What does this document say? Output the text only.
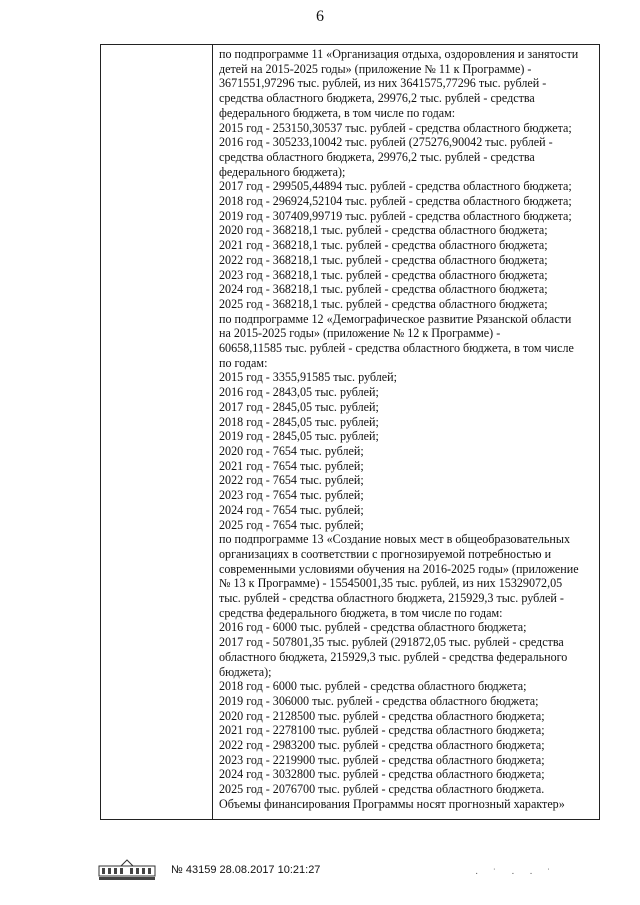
6
по подпрограмме 11 «Организация отдыха, оздоровления и занятости
детей на 2015-2025 годы» (приложение № 11 к Программе) -
3671551,97296 тыс. рублей, из них 3641575,77296 тыс. рублей -
средства областного бюджета, 29976,2 тыс. рублей - средства
федерального бюджета, в том числе по годам:
2015 год - 253150,30537 тыс. рублей - средства областного бюджета;
2016 год - 305233,10042 тыс. рублей (275276,90042 тыс. рублей -
средства областного бюджета, 29976,2 тыс. рублей - средства
федерального бюджета);
2017 год - 299505,44894 тыс. рублей - средства областного бюджета;
2018 год - 296924,52104 тыс. рублей - средства областного бюджета;
2019 год - 307409,99719 тыс. рублей - средства областного бюджета;
2020 год - 368218,1 тыс. рублей - средства областного бюджета;
2021 год - 368218,1 тыс. рублей - средства областного бюджета;
2022 год - 368218,1 тыс. рублей - средства областного бюджета;
2023 год - 368218,1 тыс. рублей - средства областного бюджета;
2024 год - 368218,1 тыс. рублей - средства областного бюджета;
2025 год - 368218,1 тыс. рублей - средства областного бюджета;
по подпрограмме 12 «Демографическое развитие Рязанской области
на 2015-2025 годы» (приложение № 12 к Программе) -
60658,11585 тыс. рублей - средства областного бюджета, в том числе
по годам:
2015 год - 3355,91585 тыс. рублей;
2016 год - 2843,05 тыс. рублей;
2017 год - 2845,05 тыс. рублей;
2018 год - 2845,05 тыс. рублей;
2019 год - 2845,05 тыс. рублей;
2020 год - 7654 тыс. рублей;
2021 год - 7654 тыс. рублей;
2022 год - 7654 тыс. рублей;
2023 год - 7654 тыс. рублей;
2024 год - 7654 тыс. рублей;
2025 год - 7654 тыс. рублей;
по подпрограмме 13 «Создание новых мест в общеобразовательных
организациях в соответствии с прогнозируемой потребностью и
современными условиями обучения на 2016-2025 годы» (приложение
№ 13 к Программе) - 15545001,35 тыс. рублей, из них 15329072,05
тыс. рублей - средства областного бюджета, 215929,3 тыс. рублей -
средства федерального бюджета, в том числе по годам:
2016 год - 6000 тыс. рублей - средства областного бюджета;
2017 год - 507801,35 тыс. рублей (291872,05 тыс. рублей - средства
областного бюджета, 215929,3 тыс. рублей - средства федерального
бюджета);
2018 год - 6000 тыс. рублей - средства областного бюджета;
2019 год - 306000 тыс. рублей - средства областного бюджета;
2020 год - 2128500 тыс. рублей - средства областного бюджета;
2021 год - 2278100 тыс. рублей - средства областного бюджета;
2022 год - 2983200 тыс. рублей - средства областного бюджета;
2023 год - 2219900 тыс. рублей - средства областного бюджета;
2024 год - 3032800 тыс. рублей - средства областного бюджета;
2025 год - 2076700 тыс. рублей - средства областного бюджета.
Объемы финансирования Программы носят прогнозный характер»
№ 43159 28.08.2017 10:21:27	· ˙ · · ˙
